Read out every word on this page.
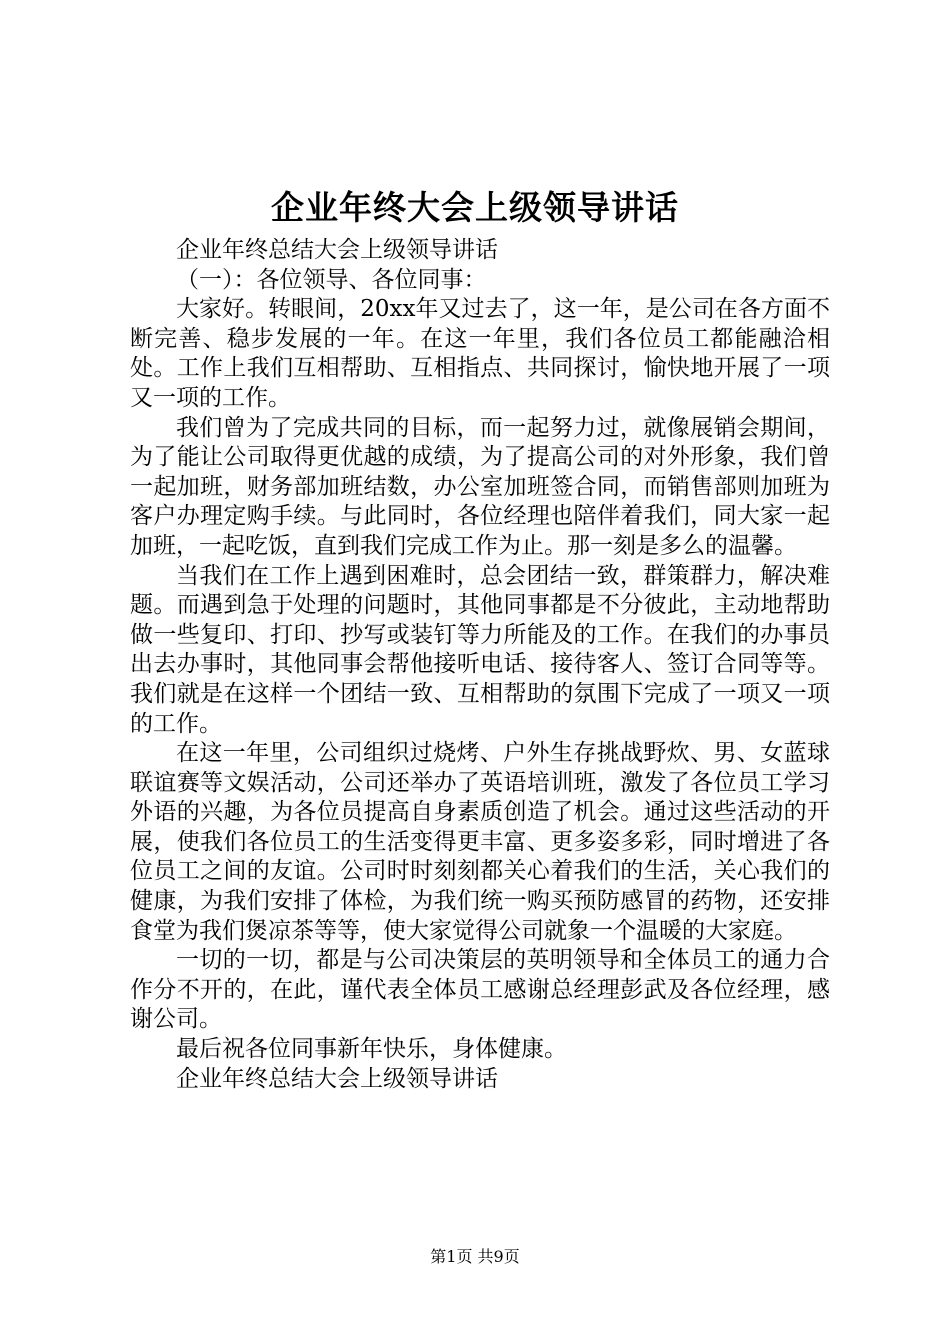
企业年终大会上级领导讲话

企业年终总结大会上级领导讲话

（一）：各位领导、各位同事：

大家好。转眼间，20xx年又过去了，这一年，是公司在各方面不断完善、稳步发展的一年。在这一年里，我们各位员工都能融洽相处。工作上我们互相帮助、互相指点、共同探讨，愉快地开展了一项又一项的工作。

我们曾为了完成共同的目标，而一起努力过，就像展销会期间，为了能让公司取得更优越的成绩，为了提高公司的对外形象，我们曾一起加班，财务部加班结数，办公室加班签合同，而销售部则加班为客户办理定购手续。与此同时，各位经理也陪伴着我们，同大家一起加班，一起吃饭，直到我们完成工作为止。那一刻是多么的温馨。

当我们在工作上遇到困难时，总会团结一致，群策群力，解决难题。而遇到急于处理的问题时，其他同事都是不分彼此，主动地帮助做一些复印、打印、抄写或装钉等力所能及的工作。在我们的办事员出去办事时，其他同事会帮他接听电话、接待客人、签订合同等等。我们就是在这样一个团结一致、互相帮助的氛围下完成了一项又一项的工作。

在这一年里，公司组织过烧烤、户外生存挑战野炊、男、女蓝球联谊赛等文娱活动，公司还举办了英语培训班，激发了各位员工学习外语的兴趣，为各位员提高自身素质创造了机会。通过这些活动的开展，使我们各位员工的生活变得更丰富、更多姿多彩，同时增进了各位员工之间的友谊。公司时时刻刻都关心着我们的生活，关心我们的健康，为我们安排了体检，为我们统一购买预防感冒的药物，还安排食堂为我们煲凉茶等等，使大家觉得公司就象一个温暖的大家庭。

一切的一切，都是与公司决策层的英明领导和全体员工的通力合作分不开的，在此，谨代表全体员工感谢总经理彭武及各位经理，感谢公司。

最后祝各位同事新年快乐，身体健康。

企业年终总结大会上级领导讲话

第1页 共9页
